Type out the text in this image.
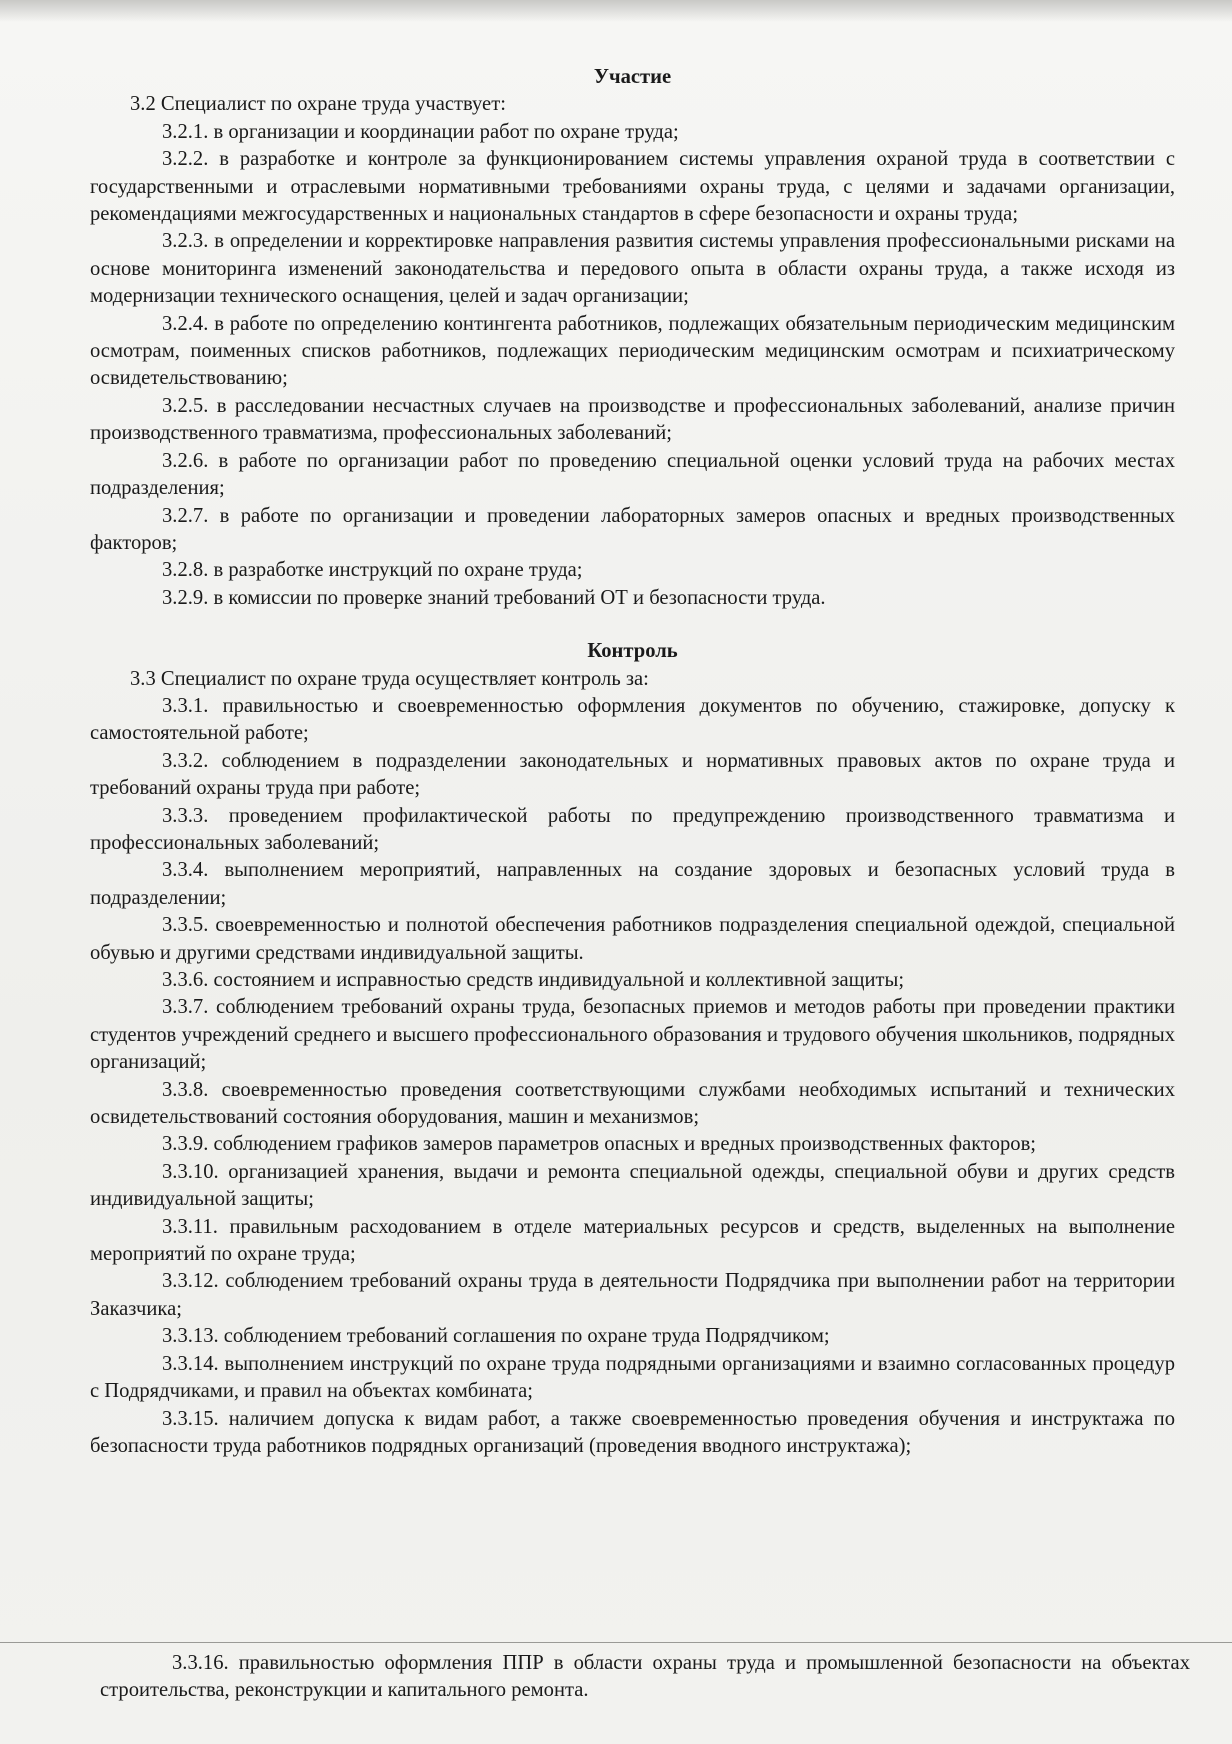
Участие

3.2 Специалист по охране труда участвует:

3.2.1. в организации и координации работ по охране труда;

3.2.2. в разработке и контроле за функционированием системы управления охраной труда в соответствии с государственными и отраслевыми нормативными требованиями охраны труда, с целями и задачами организации, рекомендациями межгосударственных и национальных стандартов в сфере безопасности и охраны труда;

3.2.3. в определении и корректировке направления развития системы управления профессиональными рисками на основе мониторинга изменений законодательства и передового опыта в области охраны труда, а также исходя из модернизации технического оснащения, целей и задач организации;

3.2.4. в работе по определению контингента работников, подлежащих обязательным периодическим медицинским осмотрам, поименных списков работников, подлежащих периодическим медицинским осмотрам и психиатрическому освидетельствованию;

3.2.5. в расследовании несчастных случаев на производстве и профессиональных заболеваний, анализе причин производственного травматизма, профессиональных заболеваний;

3.2.6. в работе по организации работ по проведению специальной оценки условий труда на рабочих местах подразделения;

3.2.7. в работе по организации и проведении лабораторных замеров опасных и вредных производственных факторов;

3.2.8. в разработке инструкций по охране труда;

3.2.9. в комиссии по проверке знаний требований ОТ и безопасности труда.

Контроль

3.3 Специалист по охране труда осуществляет контроль за:

3.3.1. правильностью и своевременностью оформления документов по обучению, стажировке, допуску к самостоятельной работе;

3.3.2. соблюдением в подразделении законодательных и нормативных правовых актов по охране труда и требований охраны труда при работе;

3.3.3. проведением профилактической работы по предупреждению производственного травматизма и профессиональных заболеваний;

3.3.4. выполнением мероприятий, направленных на создание здоровых и безопасных условий труда в подразделении;

3.3.5. своевременностью и полнотой обеспечения работников подразделения специальной одеждой, специальной обувью и другими средствами индивидуальной защиты.

3.3.6. состоянием и исправностью средств индивидуальной и коллективной защиты;

3.3.7. соблюдением требований охраны труда, безопасных приемов и методов работы при проведении практики студентов учреждений среднего и высшего профессионального образования и трудового обучения школьников, подрядных организаций;

3.3.8. своевременностью проведения соответствующими службами необходимых испытаний и технических освидетельствований состояния оборудования, машин и механизмов;

3.3.9. соблюдением графиков замеров параметров опасных и вредных производственных факторов;

3.3.10. организацией хранения, выдачи и ремонта специальной одежды, специальной обуви и других средств индивидуальной защиты;

3.3.11. правильным расходованием в отделе материальных ресурсов и средств, выделенных на выполнение мероприятий по охране труда;

3.3.12. соблюдением требований охраны труда в деятельности Подрядчика при выполнении работ на территории Заказчика;

3.3.13. соблюдением требований соглашения по охране труда Подрядчиком;

3.3.14. выполнением инструкций по охране труда подрядными организациями и взаимно согласованных процедур с Подрядчиками, и правил на объектах комбината;

3.3.15. наличием допуска к видам работ, а также своевременностью проведения обучения и инструктажа по безопасности труда работников подрядных организаций (проведения вводного инструктажа);

3.3.16. правильностью оформления ППР в области охраны труда и промышленной безопасности на объектах строительства, реконструкции и капитального ремонта.
